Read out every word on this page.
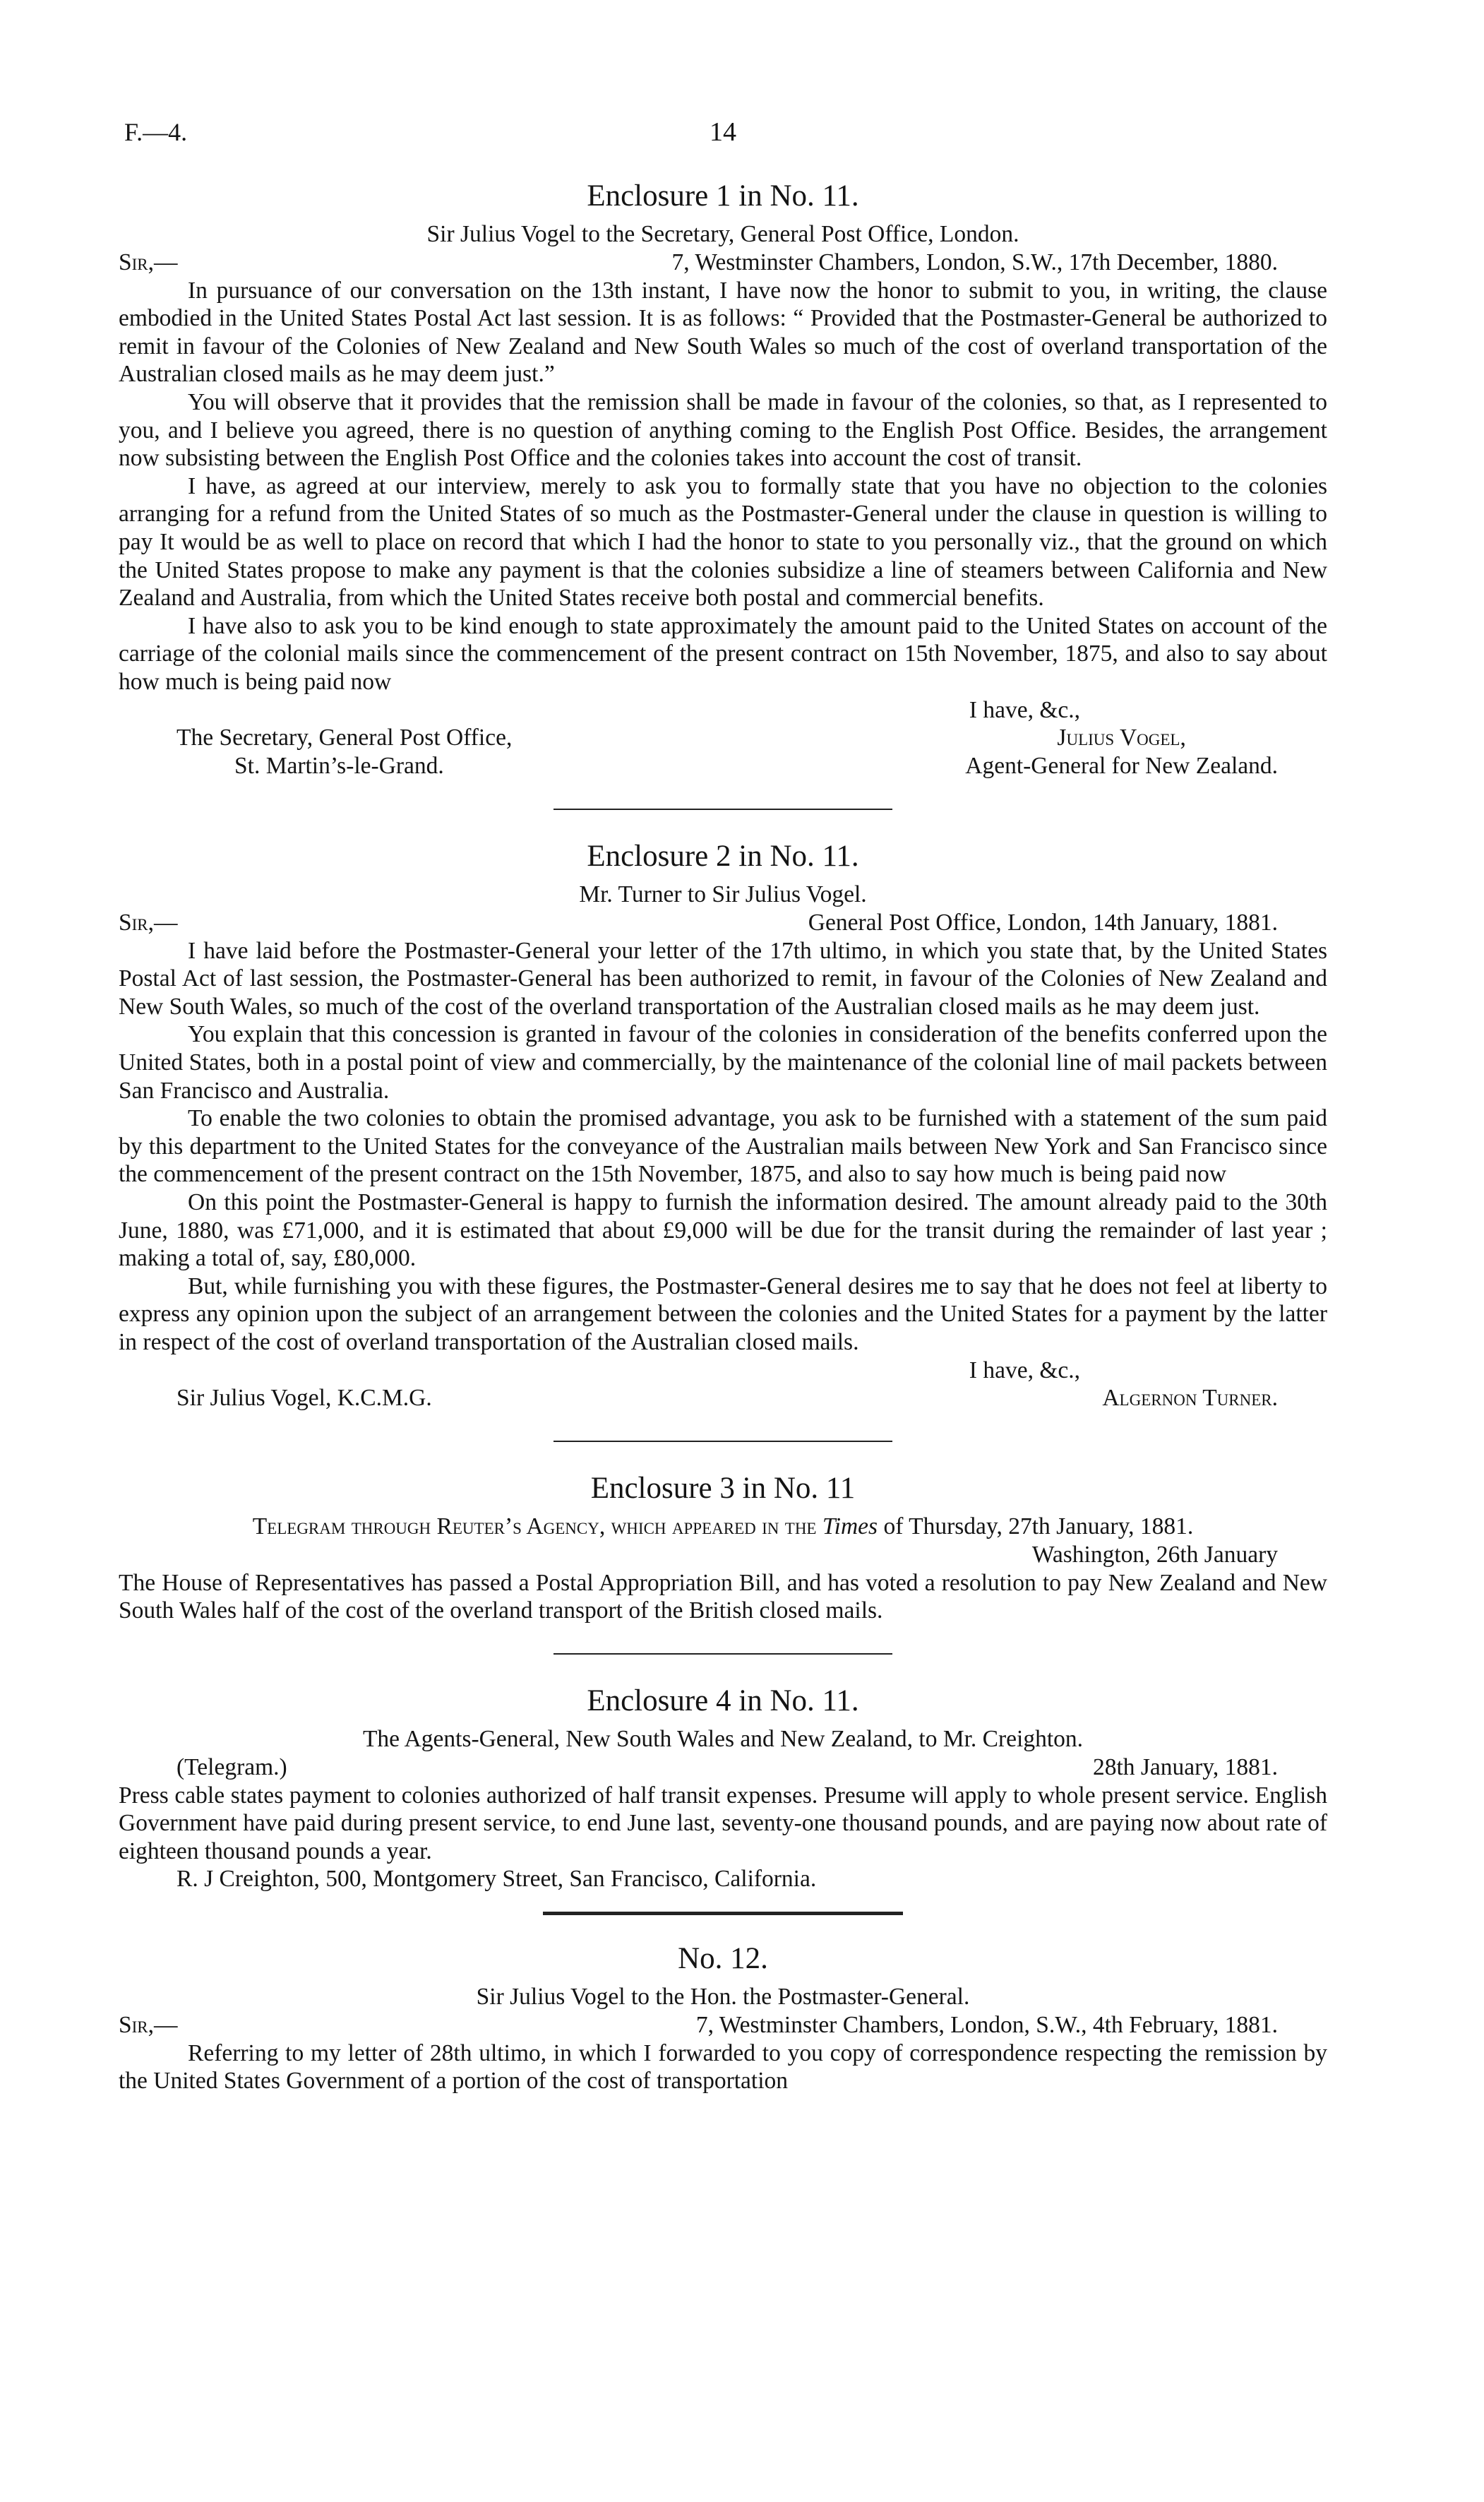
F.—4.	14
Enclosure 1 in No. 11.
Sir Julius Vogel to the Secretary, General Post Office, London.
Sir,—	7, Westminster Chambers, London, S.W., 17th December, 1880.

In pursuance of our conversation on the 13th instant, I have now the honor to submit to you, in writing, the clause embodied in the United States Postal Act last session. It is as follows: “ Provided that the Postmaster-General be authorized to remit in favour of the Colonies of New Zealand and New South Wales so much of the cost of overland transportation of the Australian closed mails as he may deem just.”

You will observe that it provides that the remission shall be made in favour of the colonies, so that, as I represented to you, and I believe you agreed, there is no question of anything coming to the English Post Office. Besides, the arrangement now subsisting between the English Post Office and the colonies takes into account the cost of transit.

I have, as agreed at our interview, merely to ask you to formally state that you have no objection to the colonies arranging for a refund from the United States of so much as the Postmaster-General under the clause in question is willing to pay It would be as well to place on record that which I had the honor to state to you personally viz., that the ground on which the United States propose to make any payment is that the colonies subsidize a line of steamers between California and New Zealand and Australia, from which the United States receive both postal and commercial benefits.

I have also to ask you to be kind enough to state approximately the amount paid to the United States on account of the carriage of the colonial mails since the commencement of the present contract on 15th November, 1875, and also to say about how much is being paid now

I have, &c.,
The Secretary, General Post Office,
St. Martin’s-le-Grand.
Julius Vogel,
Agent-General for New Zealand.
Enclosure 2 in No. 11.
Mr. Turner to Sir Julius Vogel.
Sir,—	General Post Office, London, 14th January, 1881.

I have laid before the Postmaster-General your letter of the 17th ultimo, in which you state that, by the United States Postal Act of last session, the Postmaster-General has been authorized to remit, in favour of the Colonies of New Zealand and New South Wales, so much of the cost of the overland transportation of the Australian closed mails as he may deem just.

You explain that this concession is granted in favour of the colonies in consideration of the benefits conferred upon the United States, both in a postal point of view and commercially, by the maintenance of the colonial line of mail packets between San Francisco and Australia.

To enable the two colonies to obtain the promised advantage, you ask to be furnished with a statement of the sum paid by this department to the United States for the conveyance of the Australian mails between New York and San Francisco since the commencement of the present contract on the 15th November, 1875, and also to say how much is being paid now

On this point the Postmaster-General is happy to furnish the information desired. The amount already paid to the 30th June, 1880, was £71,000, and it is estimated that about £9,000 will be due for the transit during the remainder of last year ; making a total of, say, £80,000.

But, while furnishing you with these figures, the Postmaster-General desires me to say that he does not feel at liberty to express any opinion upon the subject of an arrangement between the colonies and the United States for a payment by the latter in respect of the cost of overland transportation of the Australian closed mails.

I have, &c.,
Sir Julius Vogel, K.C.M.G.	Algernon Turner.
Enclosure 3 in No. 11
Telegram through Reuter’s Agency, which appeared in the Times of Thursday, 27th January, 1881.
Washington, 26th January

The House of Representatives has passed a Postal Appropriation Bill, and has voted a resolution to pay New Zealand and New South Wales half of the cost of the overland transport of the British closed mails.

Enclosure 4 in No. 11.
The Agents-General, New South Wales and New Zealand, to Mr. Creighton.
(Telegram.)	28th January, 1881.

Press cable states payment to colonies authorized of half transit expenses. Presume will apply to whole present service. English Government have paid during present service, to end June last, seventy-one thousand pounds, and are paying now about rate of eighteen thousand pounds a year.

R. J Creighton, 500, Montgomery Street, San Francisco, California.
No. 12.
Sir Julius Vogel to the Hon. the Postmaster-General.
Sir,—	7, Westminster Chambers, London, S.W., 4th February, 1881.

Referring to my letter of 28th ultimo, in which I forwarded to you copy of correspondence respecting the remission by the United States Government of a portion of the cost of transportation
